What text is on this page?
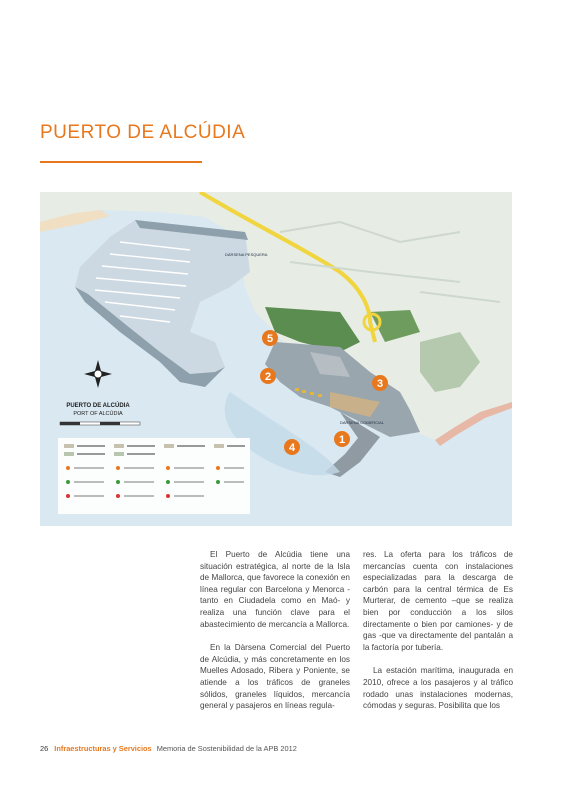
PUERTO DE ALCÚDIA
1
2
3
4
5
DÀRSENA COMERCIAL
DÀRSENA PESQUERA
PUERTO DE ALCÚDIA
PORT OF ALCÚDIA

El Puerto de Alcúdia tiene una situación estratégica, al norte de la Isla de Mallorca, que favorece la conexión en línea regular con Barcelona y Menorca -tanto en Ciudadela como en Maó- y realiza una función clave para el abastecimiento de mercancía a Mallorca.

En la Dàrsena Comercial del Puerto de Alcúdia, y más concretamente en los Muelles Adosado, Ribera y Poniente, se atiende a los tráficos de graneles sólidos, graneles líquidos, mercancía general y pasajeros en líneas regula-

res. La oferta para los tráficos de mercancías cuenta con instalaciones especializadas para la descarga de carbón para la central térmica de Es Murterar, de cemento –que se realiza bien por conducción a los silos directamente o bien por camiones- y de gas -que va directamente del pantalán a la factoría por tubería.

La estación marítima, inaugurada en 2010, ofrece a los pasajeros y al tráfico rodado unas instalaciones modernas, cómodas y seguras. Posibilita que los

26 Infraestructuras y Servicios Memoria de Sostenibilidad de la APB 2012
